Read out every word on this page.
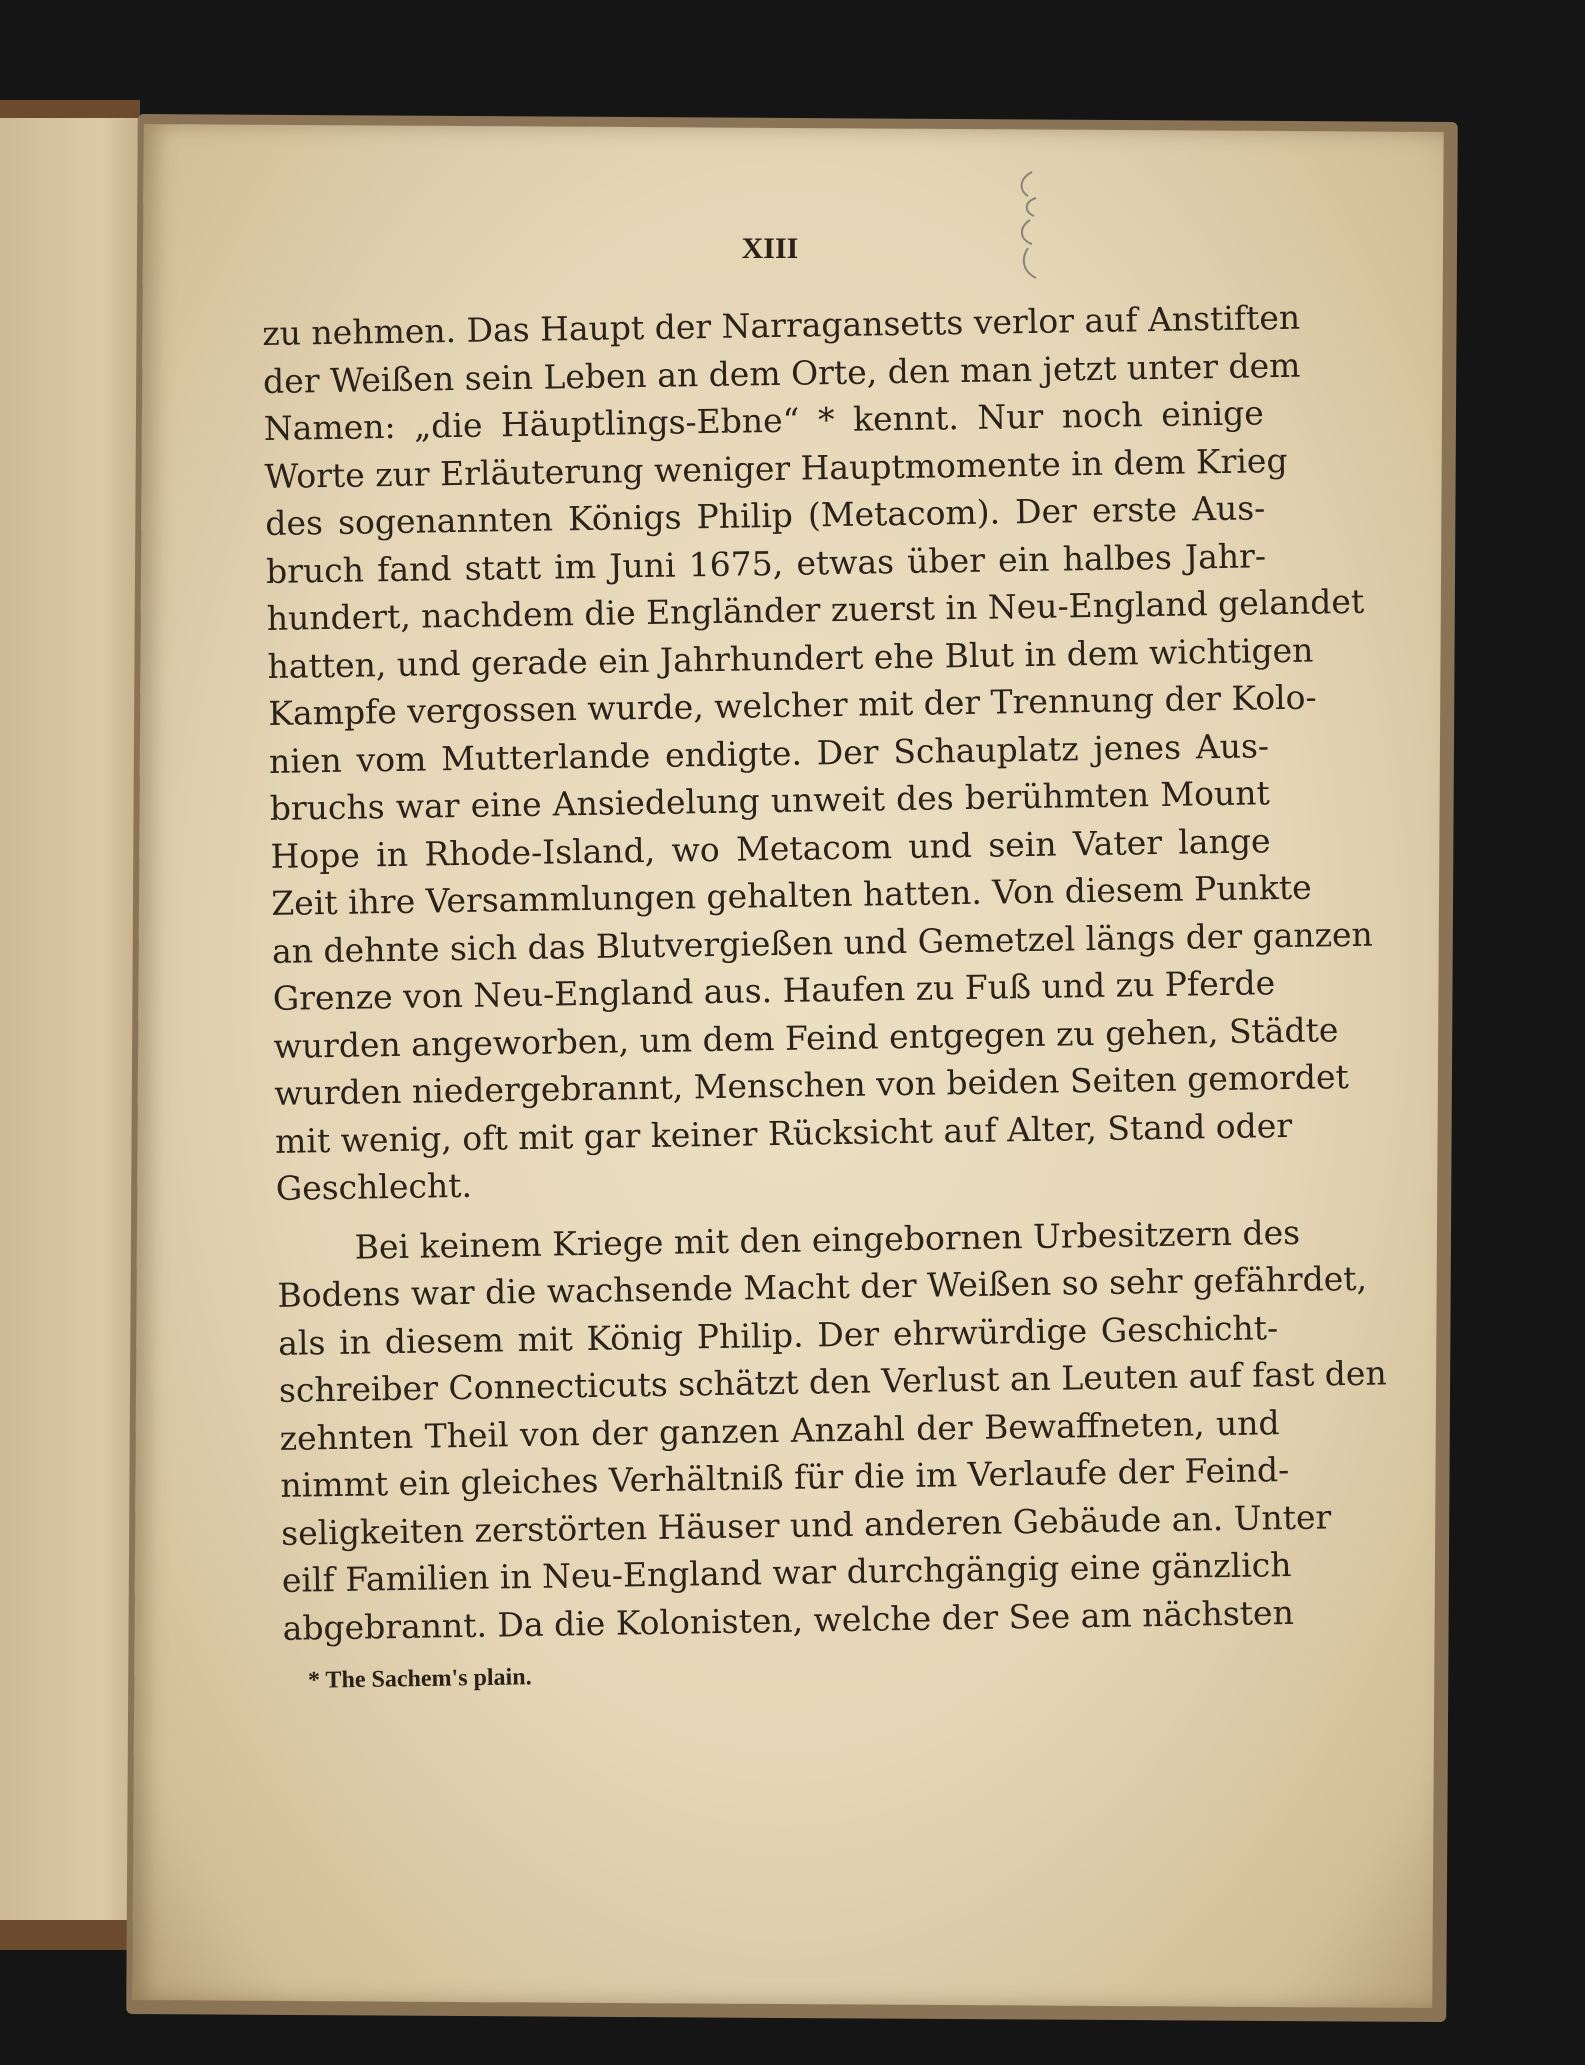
XIII
zu nehmen. Das Haupt der Narragansetts verlor auf Anstiften
der Weißen sein Leben an dem Orte, den man jetzt unter dem
Namen: „die Häuptlings-Ebne“ * kennt. Nur noch einige
Worte zur Erläuterung weniger Hauptmomente in dem Krieg
des sogenannten Königs Philip (Metacom). Der erste Aus-
bruch fand statt im Juni 1675, etwas über ein halbes Jahr-
hundert, nachdem die Engländer zuerst in Neu-England gelandet
hatten, und gerade ein Jahrhundert ehe Blut in dem wichtigen
Kampfe vergossen wurde, welcher mit der Trennung der Kolo-
nien vom Mutterlande endigte. Der Schauplatz jenes Aus-
bruchs war eine Ansiedelung unweit des berühmten Mount
Hope in Rhode-Island, wo Metacom und sein Vater lange
Zeit ihre Versammlungen gehalten hatten. Von diesem Punkte
an dehnte sich das Blutvergießen und Gemetzel längs der ganzen
Grenze von Neu-England aus. Haufen zu Fuß und zu Pferde
wurden angeworben, um dem Feind entgegen zu gehen, Städte
wurden niedergebrannt, Menschen von beiden Seiten gemordet
mit wenig, oft mit gar keiner Rücksicht auf Alter, Stand oder
Geschlecht.
Bei keinem Kriege mit den eingebornen Urbesitzern des
Bodens war die wachsende Macht der Weißen so sehr gefährdet,
als in diesem mit König Philip. Der ehrwürdige Geschicht-
schreiber Connecticuts schätzt den Verlust an Leuten auf fast den
zehnten Theil von der ganzen Anzahl der Bewaffneten, und
nimmt ein gleiches Verhältniß für die im Verlaufe der Feind-
seligkeiten zerstörten Häuser und anderen Gebäude an. Unter
eilf Familien in Neu-England war durchgängig eine gänzlich
abgebrannt. Da die Kolonisten, welche der See am nächsten
* The Sachem's plain.
